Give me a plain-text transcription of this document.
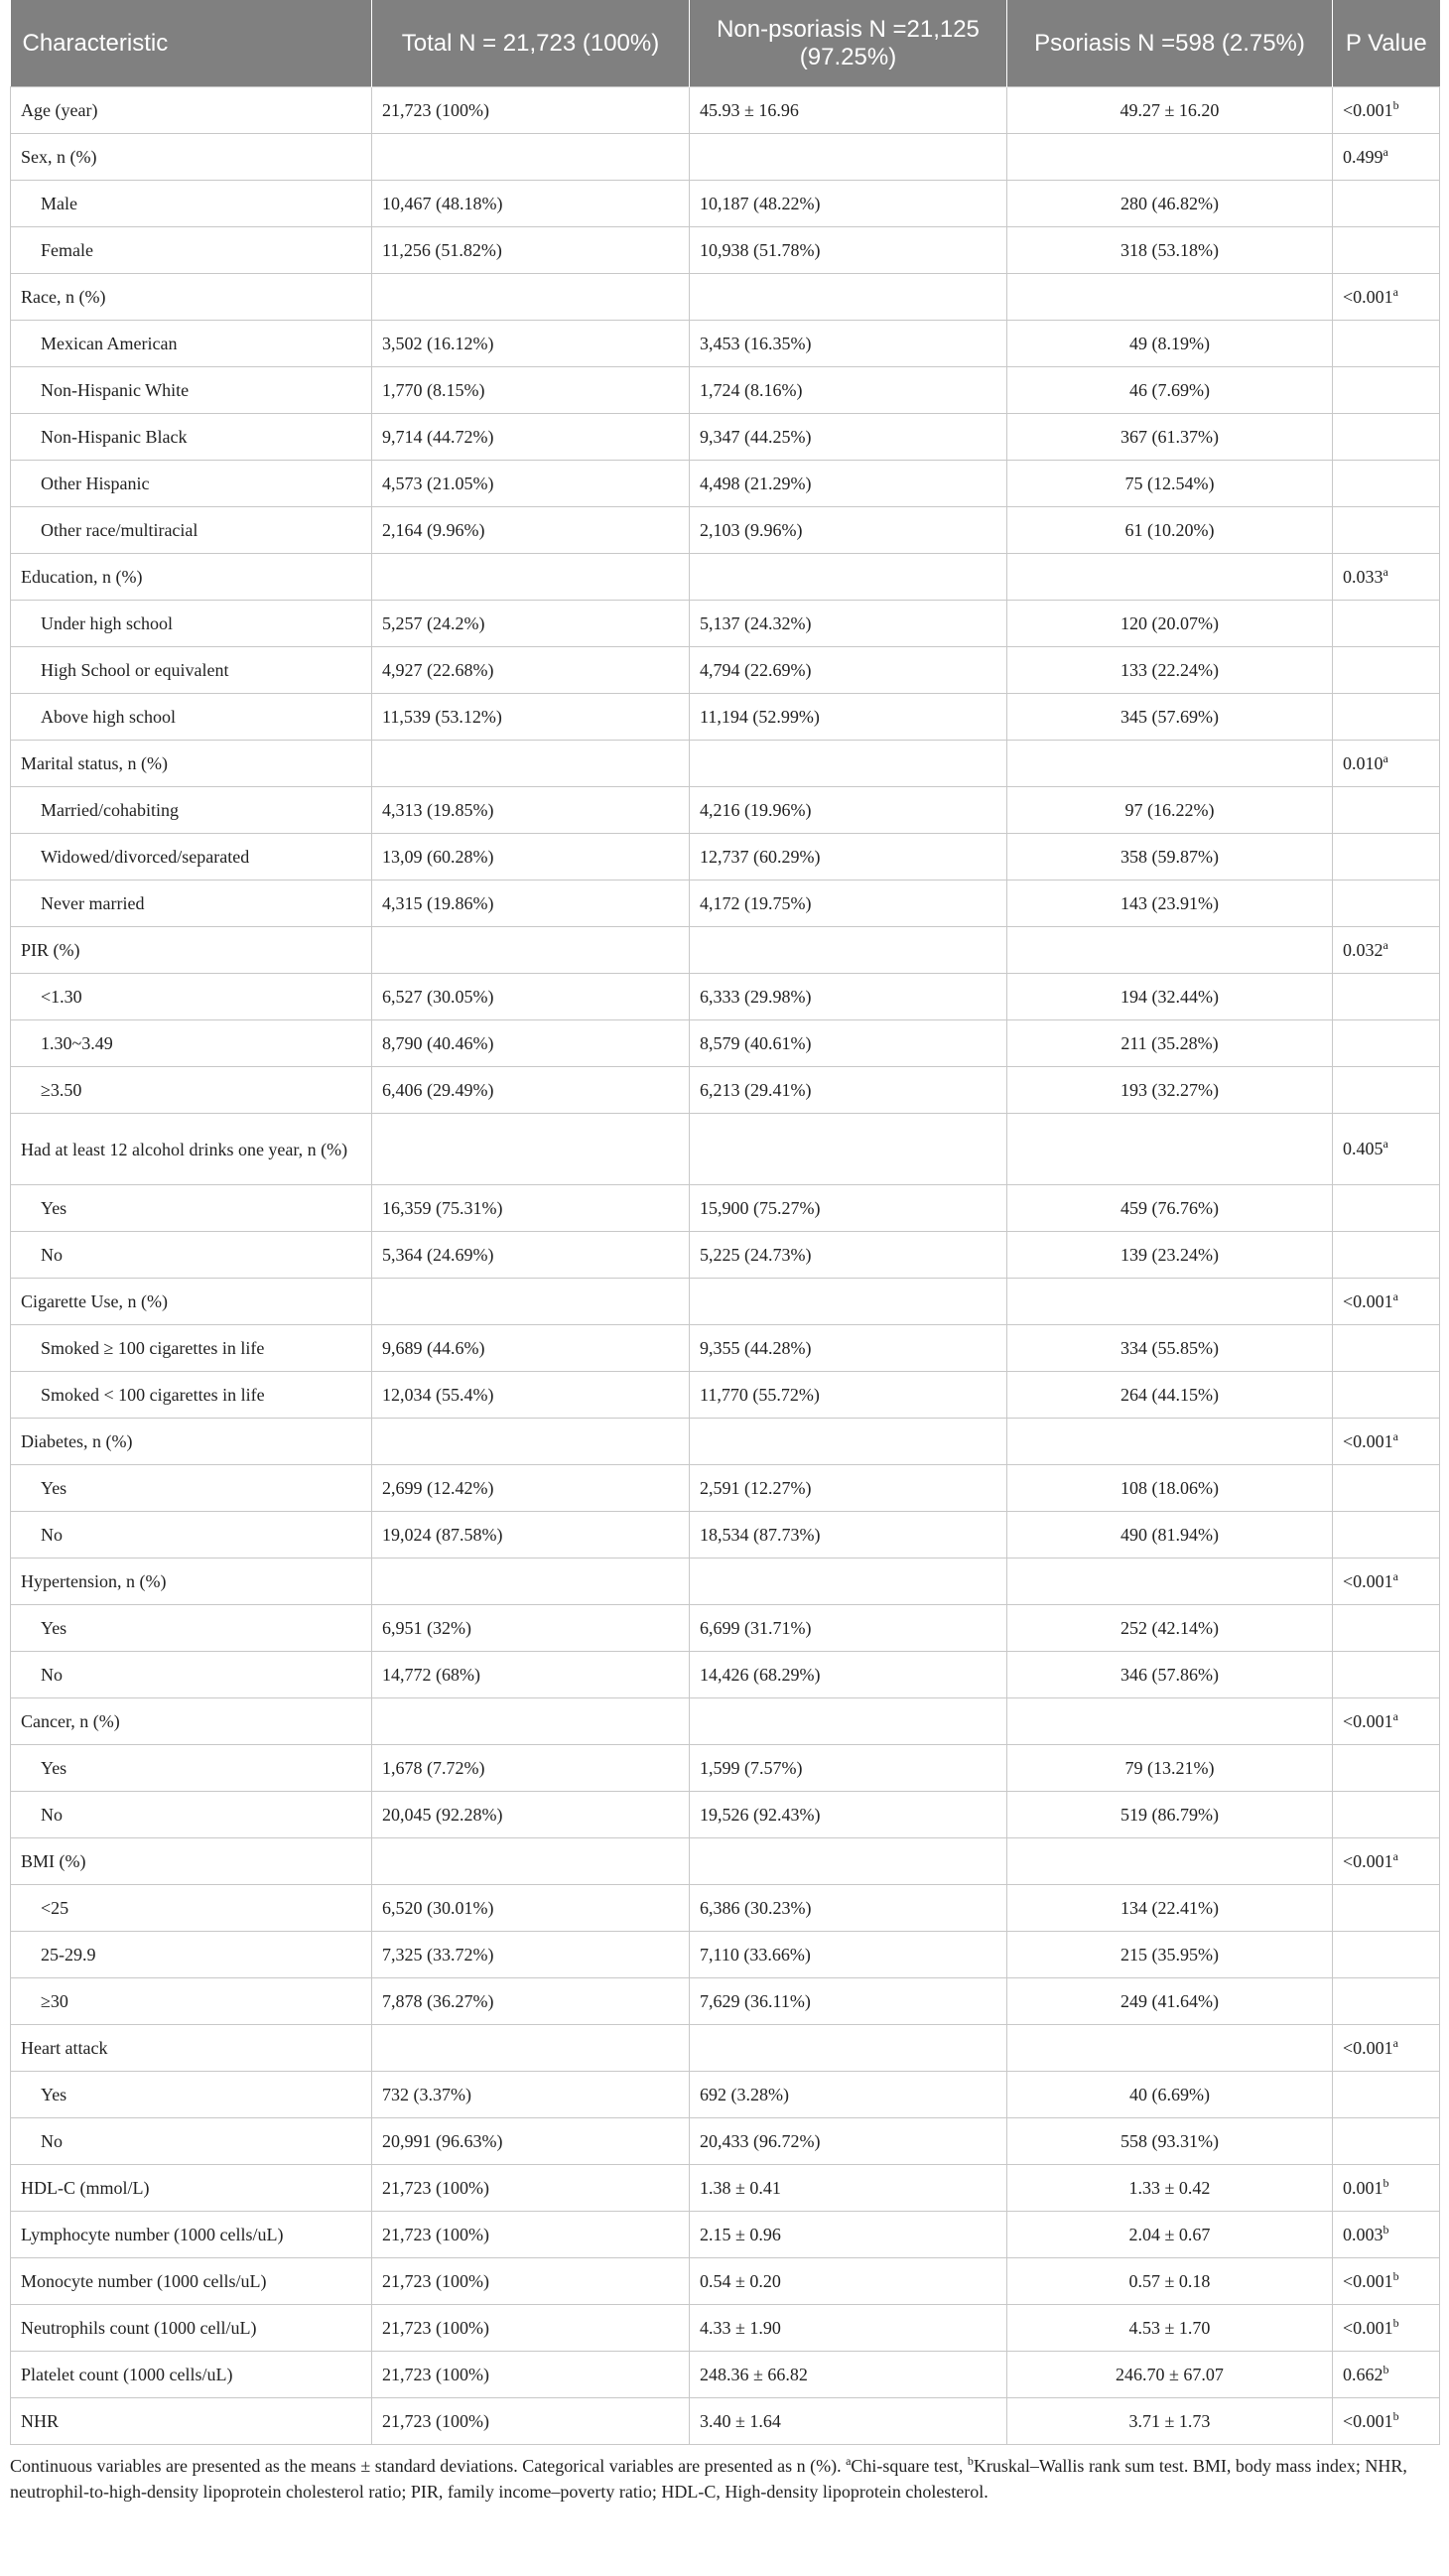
Characteristic	Total N = 21,723 (100%)	Non-psoriasis N =21,125 (97.25%)	Psoriasis N =598 (2.75%)	P Value
Age (year)	21,723 (100%)	45.93 ± 16.96	49.27 ± 16.20	<0.001$^b$
Sex, n (%)				0.499$^a$
Male	10,467 (48.18%)	10,187 (48.22%)	280 (46.82%)	
Female	11,256 (51.82%)	10,938 (51.78%)	318 (53.18%)	
Race, n (%)				<0.001$^a$
Mexican American	3,502 (16.12%)	3,453 (16.35%)	49 (8.19%)	
Non-Hispanic White	1,770 (8.15%)	1,724 (8.16%)	46 (7.69%)	
Non-Hispanic Black	9,714 (44.72%)	9,347 (44.25%)	367 (61.37%)	
Other Hispanic	4,573 (21.05%)	4,498 (21.29%)	75 (12.54%)	
Other race/multiracial	2,164 (9.96%)	2,103 (9.96%)	61 (10.20%)	
Education, n (%)				0.033$^a$
Under high school	5,257 (24.2%)	5,137 (24.32%)	120 (20.07%)	
High School or equivalent	4,927 (22.68%)	4,794 (22.69%)	133 (22.24%)	
Above high school	11,539 (53.12%)	11,194 (52.99%)	345 (57.69%)	
Marital status, n (%)				0.010$^a$
Married/cohabiting	4,313 (19.85%)	4,216 (19.96%)	97 (16.22%)	
Widowed/divorced/separated	13,09 (60.28%)	12,737 (60.29%)	358 (59.87%)	
Never married	4,315 (19.86%)	4,172 (19.75%)	143 (23.91%)	
PIR (%)				0.032$^a$
<1.30	6,527 (30.05%)	6,333 (29.98%)	194 (32.44%)	
1.30~3.49	8,790 (40.46%)	8,579 (40.61%)	211 (35.28%)	
≥3.50	6,406 (29.49%)	6,213 (29.41%)	193 (32.27%)	
Had at least 12 alcohol drinks one year, n (%)				0.405$^a$
Yes	16,359 (75.31%)	15,900 (75.27%)	459 (76.76%)	
No	5,364 (24.69%)	5,225 (24.73%)	139 (23.24%)	
Cigarette Use, n (%)				<0.001$^a$
Smoked ≥ 100 cigarettes in life	9,689 (44.6%)	9,355 (44.28%)	334 (55.85%)	
Smoked < 100 cigarettes in life	12,034 (55.4%)	11,770 (55.72%)	264 (44.15%)	
Diabetes, n (%)				<0.001$^a$
Yes	2,699 (12.42%)	2,591 (12.27%)	108 (18.06%)	
No	19,024 (87.58%)	18,534 (87.73%)	490 (81.94%)	
Hypertension, n (%)				<0.001$^a$
Yes	6,951 (32%)	6,699 (31.71%)	252 (42.14%)	
No	14,772 (68%)	14,426 (68.29%)	346 (57.86%)	
Cancer, n (%)				<0.001$^a$
Yes	1,678 (7.72%)	1,599 (7.57%)	79 (13.21%)	
No	20,045 (92.28%)	19,526 (92.43%)	519 (86.79%)	
BMI (%)				<0.001$^a$
<25	6,520 (30.01%)	6,386 (30.23%)	134 (22.41%)	
25-29.9	7,325 (33.72%)	7,110 (33.66%)	215 (35.95%)	
≥30	7,878 (36.27%)	7,629 (36.11%)	249 (41.64%)	
Heart attack				<0.001$^a$
Yes	732 (3.37%)	692 (3.28%)	40 (6.69%)	
No	20,991 (96.63%)	20,433 (96.72%)	558 (93.31%)	
HDL-C (mmol/L)	21,723 (100%)	1.38 ± 0.41	1.33 ± 0.42	0.001$^b$
Lymphocyte number (1000 cells/uL)	21,723 (100%)	2.15 ± 0.96	2.04 ± 0.67	0.003$^b$
Monocyte number (1000 cells/uL)	21,723 (100%)	0.54 ± 0.20	0.57 ± 0.18	<0.001$^b$
Neutrophils count (1000 cell/uL)	21,723 (100%)	4.33 ± 1.90	4.53 ± 1.70	<0.001$^b$
Platelet count (1000 cells/uL)	21,723 (100%)	248.36 ± 66.82	246.70 ± 67.07	0.662$^b$
NHR	21,723 (100%)	3.40 ± 1.64	3.71 ± 1.73	<0.001$^b$
Continuous variables are presented as the means ± standard deviations. Categorical variables are presented as n (%). $^a$Chi-square test, $^b$Kruskal–Wallis rank sum test. BMI, body mass index; NHR, neutrophil-to-high-density lipoprotein cholesterol ratio; PIR, family income–poverty ratio; HDL-C, High-density lipoprotein cholesterol.
